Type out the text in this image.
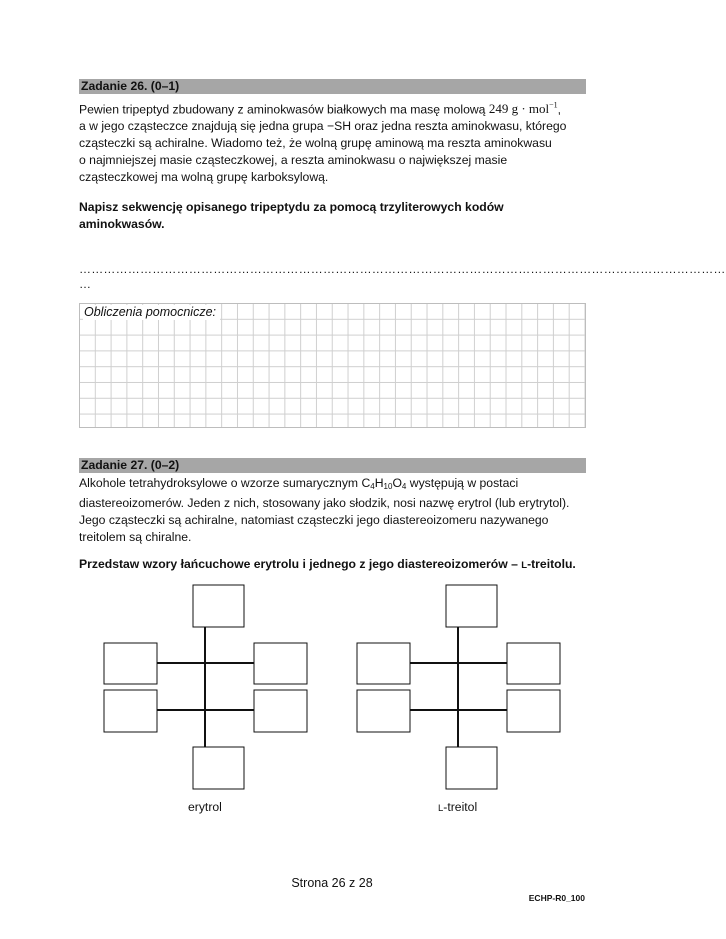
Zadanie 26. (0–1)

Pewien tripeptyd zbudowany z aminokwasów białkowych ma masę molową 249 g · mol$^{-1}$,

a w jego cząsteczce znajdują się jedna grupa −SH oraz jedna reszta aminokwasu, którego

cząsteczki są achiralne. Wiadomo też, że wolną grupę aminową ma reszta aminokwasu

o najmniejszej masie cząsteczkowej, a reszta aminokwasu o największej masie

cząsteczkowej ma wolną grupę karboksylową.

Napisz sekwencję opisanego tripeptydu za pomocą trzyliterowych kodów

aminokwasów.

……………………………………………………………………………………………………………………………………………
…
Obliczenia pomocnicze:
Zadanie 27. (0–2)

Alkohole tetrahydroksylowe o wzorze sumarycznym $C_4H_{10}O_4$ występują w postaci

diastereoizomerów. Jeden z nich, stosowany jako słodzik, nosi nazwę erytrol (lub erytrytol).

Jego cząsteczki są achiralne, natomiast cząsteczki jego diastereoizomeru nazywanego

treitolem są chiralne.

Przedstaw wzory łańcuchowe erytrolu i jednego z jego diastereoizomerów – L-treitolu.

erytrol	L-treitol
Strona 26 z 28
ECHP-R0_100
